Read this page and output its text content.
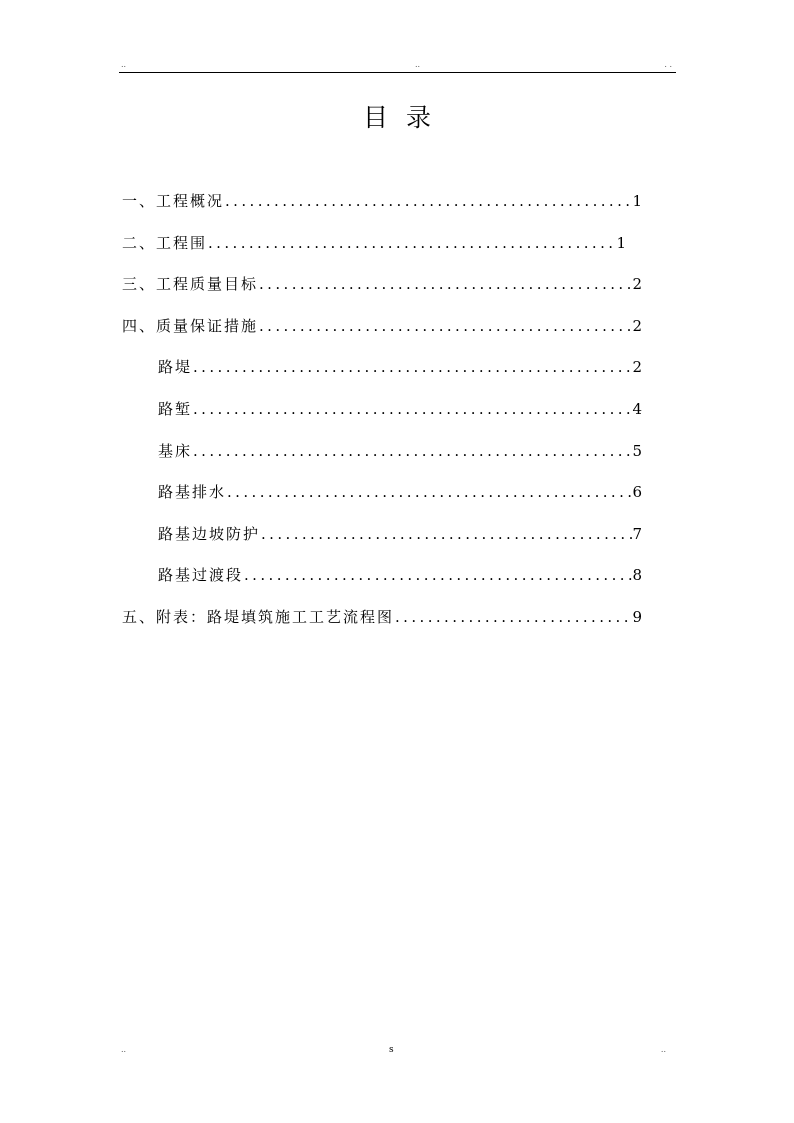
..	..	. .
目录
一、工程概况 .....	1
二、工程围 .....	1
三、工程质量目标 .....	2
四、质量保证措施 .....	2
路堤 .....	2
路堑 .....	4
基床 .....	5
路基排水 .....	6
路基边坡防护 .....	7
路基过渡段 .....	8
五、附表：路堤填筑施工工艺流程图 .....	9
..	s	..
